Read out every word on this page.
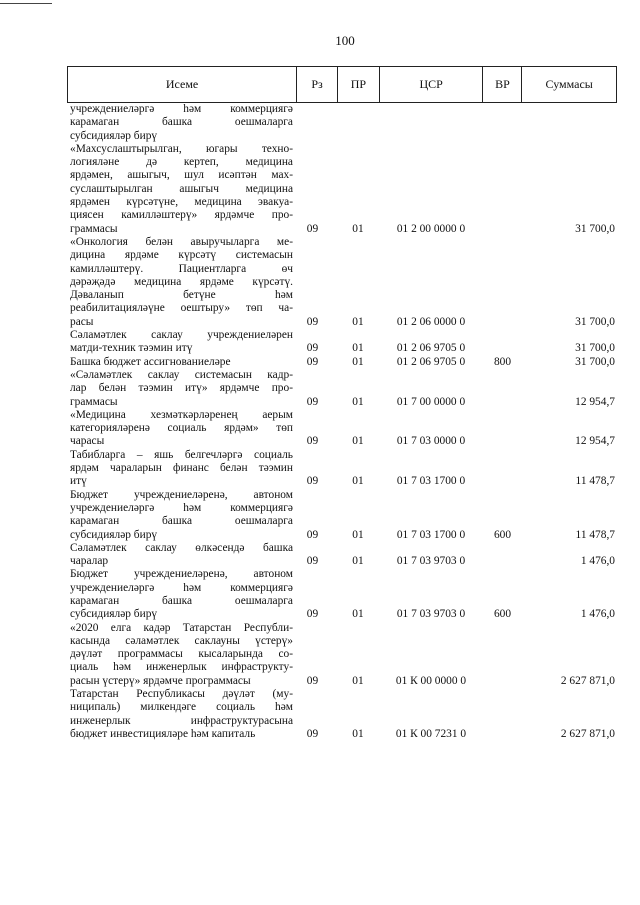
100
Исеме	Рз	ПР	ЦСР	ВР	Суммасы
учреждениеләргә һәм коммерциягә
карамаган башка оешмаларга
субсидияләр бирү
«Махсуслаштырылган, югары техно-
логияләне дә кертеп, медицина
ярдәмен, ашыгыч, шул исәптән мах-
суслаштырылган ашыгыч медицина
ярдәмен күрсәтүне, медицина эвакуа-
циясен камилләштерү» ярдәмче про-
граммасы	09	01	01 2 00 0000 0	31 700,0
«Онкология белән авыручыларга ме-
дицина ярдәме күрсәтү системасын
камилләштерү. Пациентларга өч
дәрәҗәдә медицина ярдәме күрсәтү.
Дәваланып бетүне һәм
реабилитацияләүне оештыру» төп ча-
расы	09	01	01 2 06 0000 0	31 700,0
Сәламәтлек саклау учреждениеләрен
матди-техник тәэмин итү	09	01	01 2 06 9705 0	31 700,0
Башка бюджет ассигнованиеләре	09	01	01 2 06 9705 0	800	31 700,0
«Сәламәтлек саклау системасын кадр-
лар белән тәэмин итү» ярдәмче про-
граммасы	09	01	01 7 00 0000 0	12 954,7
«Медицина хезмәткәрләренең аерым
категорияләренә социаль ярдәм» төп
чарасы	09	01	01 7 03 0000 0	12 954,7
Табибларга – яшь белгечләргә социаль
ярдәм чараларын финанс белән тәэмин
итү	09	01	01 7 03 1700 0	11 478,7
Бюджет учреждениеләренә, автоном
учреждениеләргә һәм коммерциягә
карамаган башка оешмаларга
субсидияләр бирү	09	01	01 7 03 1700 0	600	11 478,7
Сәламәтлек саклау өлкәсендә башка
чаралар	09	01	01 7 03 9703 0	1 476,0
Бюджет учреждениеләренә, автоном
учреждениеләргә һәм коммерциягә
карамаган башка оешмаларга
субсидияләр бирү	09	01	01 7 03 9703 0	600	1 476,0
«2020 елга кадәр Татарстан Республи-
касында сәламәтлек саклауны үстерү»
дәүләт программасы кысаларында со-
циаль һәм инженерлык инфраструкту-
расын үстерү» ярдәмче программасы	09	01	01 К 00 0000 0	2 627 871,0
Татарстан Республикасы дәүләт (му-
ниципаль) милкендәге социаль һәм
инженерлык инфраструктурасына
бюджет инвестицияләре һәм капиталь	09	01	01 К 00 7231 0	2 627 871,0
